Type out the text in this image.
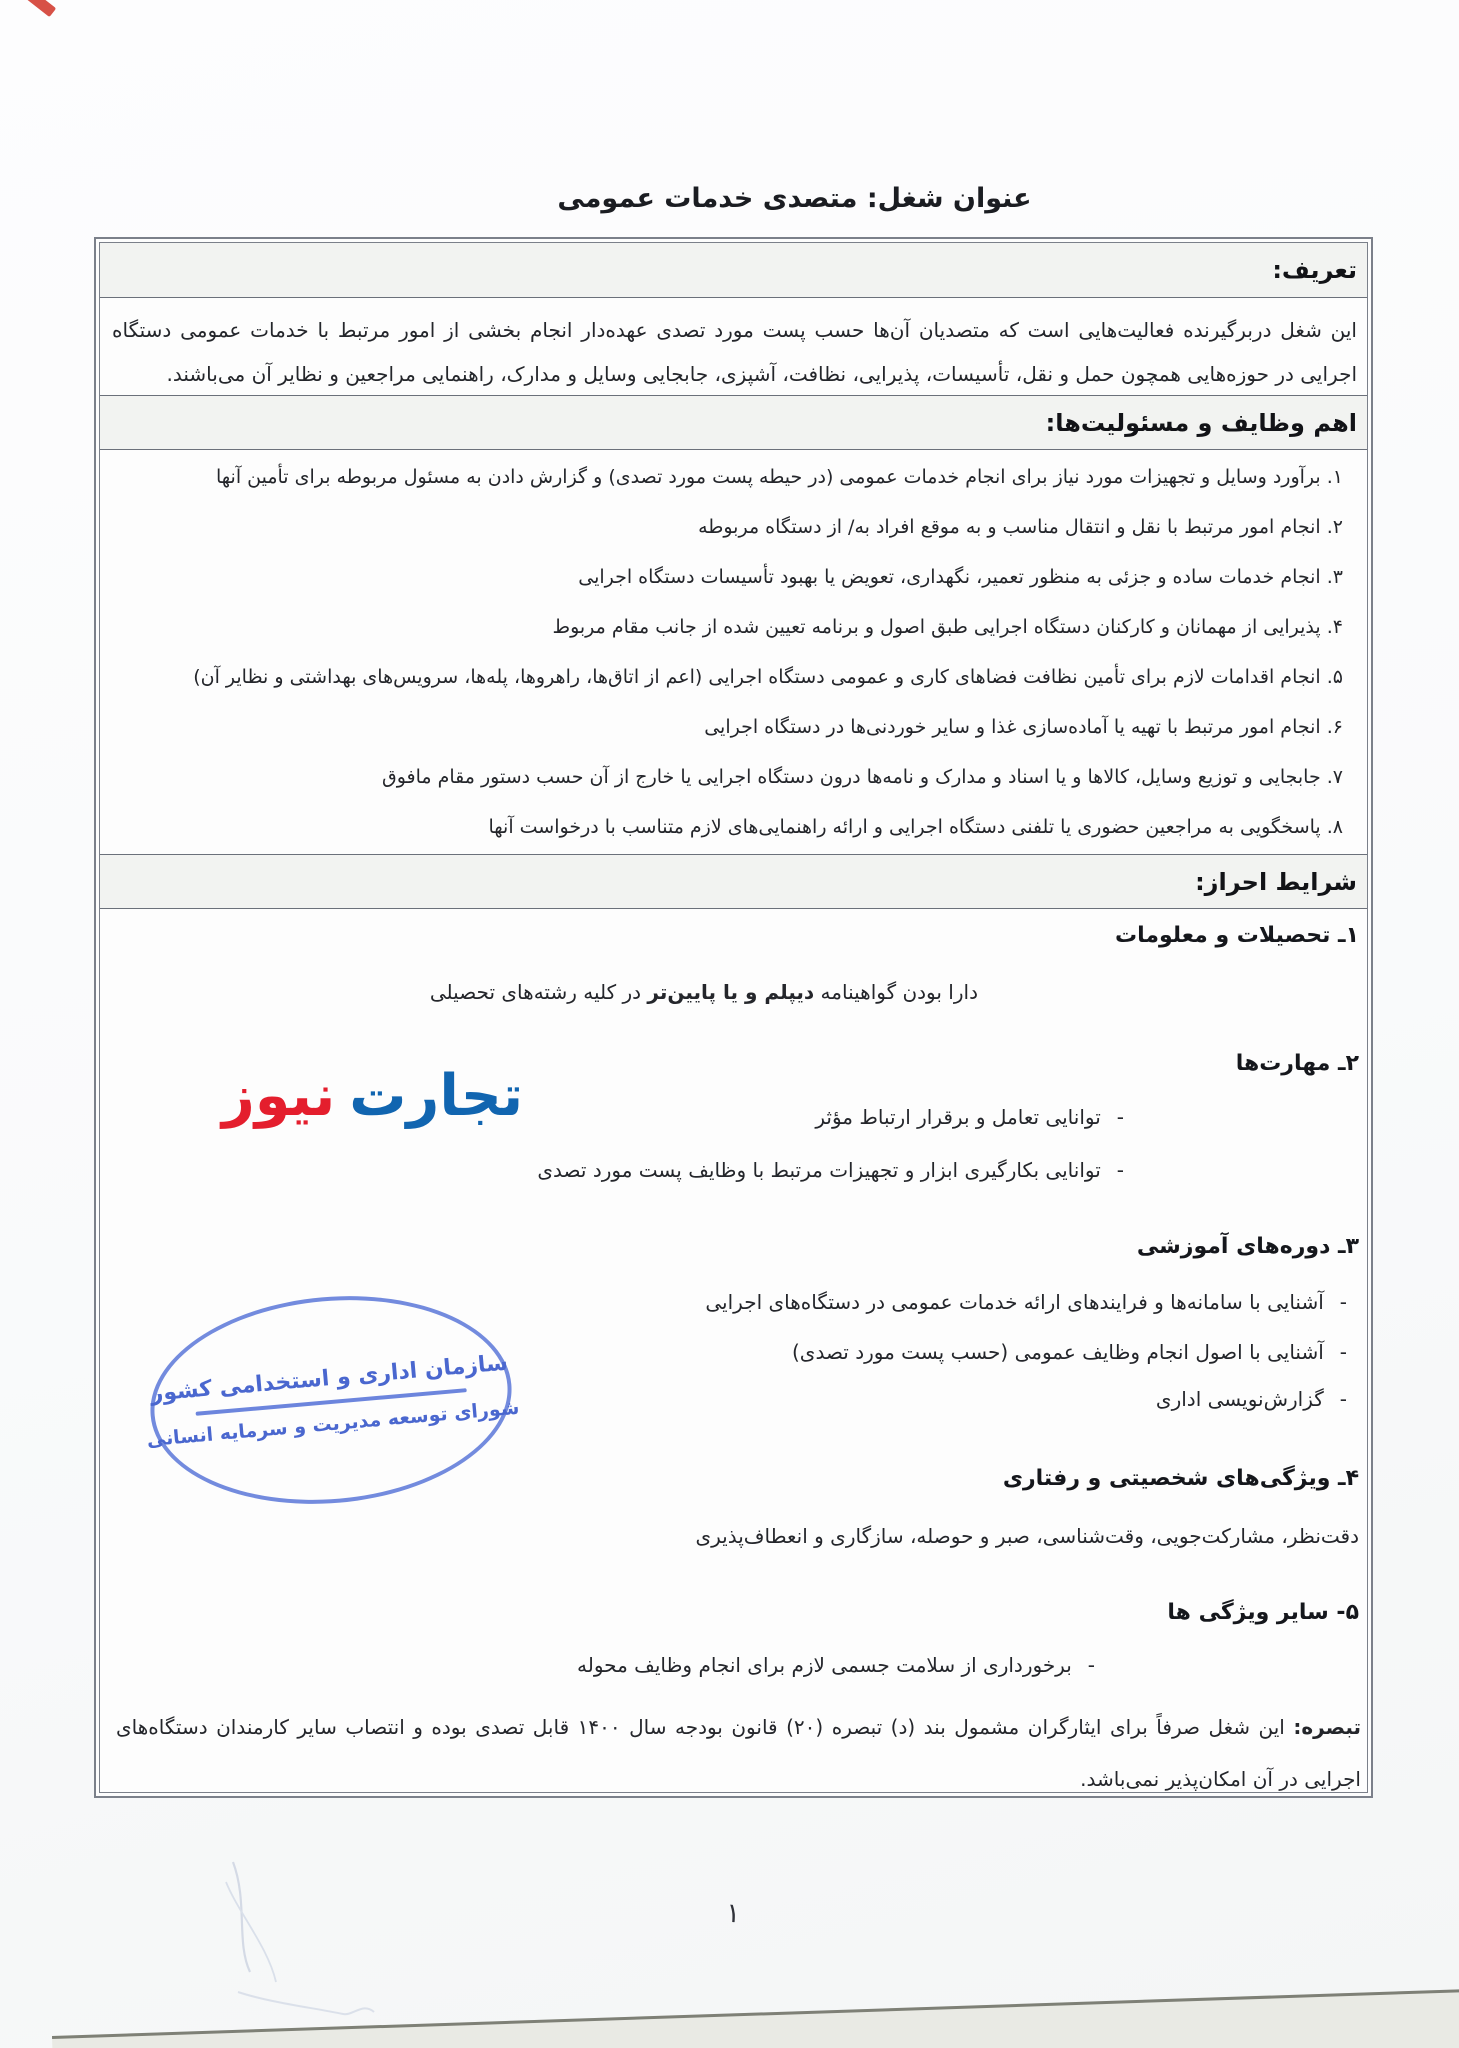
عنوان شغل: متصدی خدمات عمومی
تعریف:
این شغل دربرگیرنده فعالیت‌هایی است که متصدیان آن‌ها حسب پست مورد تصدی عهده‌دار انجام بخشی از امور مرتبط با خدمات عمومی دستگاه اجرایی در حوزه‌هایی همچون حمل و نقل، تأسیسات، پذیرایی، نظافت، آشپزی، جابجایی وسایل و مدارک، راهنمایی مراجعین و نظایر آن می‌باشند.
اهم وظایف و مسئولیت‌ها:
۱. برآورد وسایل و تجهیزات مورد نیاز برای انجام خدمات عمومی (در حیطه پست مورد تصدی) و گزارش دادن به مسئول مربوطه برای تأمین آنها
۲. انجام امور مرتبط با نقل و انتقال مناسب و به موقع افراد به/ از دستگاه مربوطه
۳. انجام خدمات ساده و جزئی به منظور تعمیر، نگهداری، تعویض یا بهبود تأسیسات دستگاه اجرایی
۴. پذیرایی از مهمانان و کارکنان دستگاه اجرایی طبق اصول و برنامه تعیین شده از جانب مقام مربوط
۵. انجام اقدامات لازم برای تأمین نظافت فضاهای کاری و عمومی دستگاه اجرایی (اعم از اتاق‌ها، راهروها، پله‌ها، سرویس‌های بهداشتی و نظایر آن)
۶. انجام امور مرتبط با تهیه یا آماده‌سازی غذا و سایر خوردنی‌ها در دستگاه اجرایی
۷. جابجایی و توزیع وسایل، کالاها و یا اسناد و مدارک و نامه‌ها درون دستگاه اجرایی یا خارج از آن حسب دستور مقام مافوق
۸. پاسخگویی به مراجعین حضوری یا تلفنی دستگاه اجرایی و ارائه راهنمایی‌های لازم متناسب با درخواست آنها
شرایط احراز:
۱ـ تحصیلات و معلومات
دارا بودن گواهینامه دیپلم و یا پایین‌تر در کلیه رشته‌های تحصیلی
۲ـ مهارت‌ها
-توانایی تعامل و برقرار ارتباط مؤثر
-توانایی بکارگیری ابزار و تجهیزات مرتبط با وظایف پست مورد تصدی
۳ـ دوره‌های آموزشی
-آشنایی با سامانه‌ها و فرایندهای ارائه خدمات عمومی در دستگاه‌های اجرایی
-آشنایی با اصول انجام وظایف عمومی (حسب پست مورد تصدی)
-گزارش‌نویسی اداری
۴ـ ویژگی‌های شخصیتی و رفتاری
دقت‌نظر، مشارکت‌جویی، وقت‌شناسی، صبر و حوصله، سازگاری و انعطاف‌پذیری
۵- سایر ویژگی ها
-برخورداری از سلامت جسمی لازم برای انجام وظایف محوله
تبصره: این شغل صرفاً برای ایثارگران مشمول بند (د) تبصره (۲۰) قانون بودجه سال ۱۴۰۰ قابل تصدی بوده و انتصاب سایر کارمندان دستگاه‌های اجرایی در آن امکان‌پذیر نمی‌باشد.
تجارت
نیوز
سازمان اداری و استخدامی کشور
شورای توسعه مدیریت و سرمایه انسانی
۱
